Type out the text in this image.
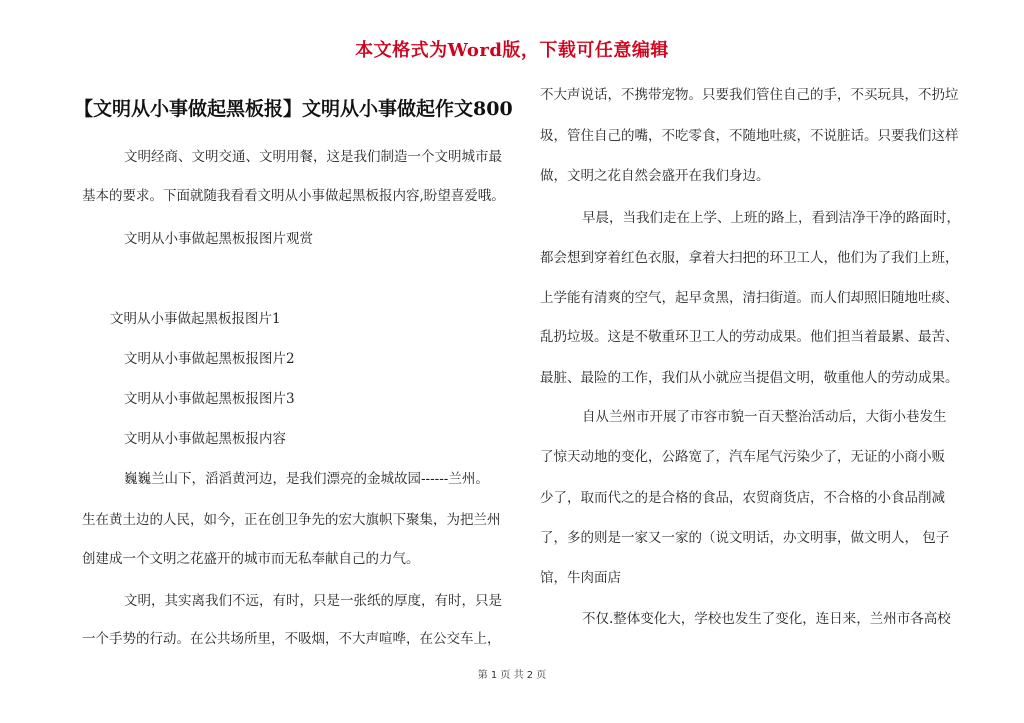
本文格式为Word版，下载可任意编辑
【文明从小事做起黑板报】文明从小事做起作文800
文明经商、文明交通、文明用餐，这是我们制造一个文明城市最
基本的要求。下面就随我看看文明从小事做起黑板报内容,盼望喜爱哦。
文明从小事做起黑板报图片观赏
文明从小事做起黑板报图片1
文明从小事做起黑板报图片2
文明从小事做起黑板报图片3
文明从小事做起黑板报内容
巍巍兰山下，滔滔黄河边，是我们漂亮的金城故园------兰州。
生在黄土边的人民，如今，正在创卫争先的宏大旗帜下聚集，为把兰州
创建成一个文明之花盛开的城市而无私奉献自己的力气。
文明，其实离我们不远，有时，只是一张纸的厚度，有时，只是
一个手势的行动。在公共场所里，不吸烟，不大声喧哗，在公交车上，
不大声说话，不携带宠物。只要我们管住自己的手，不买玩具，不扔垃
圾，管住自己的嘴，不吃零食，不随地吐痰，不说脏话。只要我们这样
做，文明之花自然会盛开在我们身边。
早晨，当我们走在上学、上班的路上，看到洁净干净的路面时，
都会想到穿着红色衣服，拿着大扫把的环卫工人，他们为了我们上班，
上学能有清爽的空气，起早贪黑，清扫街道。而人们却照旧随地吐痰、
乱扔垃圾。这是不敬重环卫工人的劳动成果。他们担当着最累、最苦、
最脏、最险的工作，我们从小就应当提倡文明，敬重他人的劳动成果。
自从兰州市开展了市容市貌一百天整治活动后，大街小巷发生
了惊天动地的变化，公路宽了，汽车尾气污染少了，无证的小商小贩
少了，取而代之的是合格的食品，农贸商货店，不合格的小食品削减
了，多的则是一家又一家的（说文明话，办文明事，做文明人， 包子
馆，牛肉面店
不仅.整体变化大，学校也发生了变化，连日来，兰州市各高校
第 1 页 共 2 页
